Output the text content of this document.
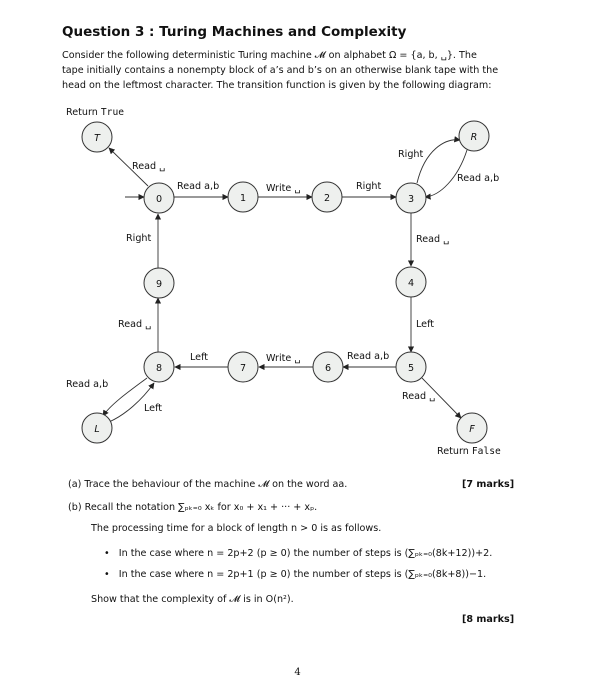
Question 3 : Turing Machines and Complexity
Consider the following deterministic Turing machine 𝓜 on alphabet Ω = {a, b, ␣}. The
tape initially contains a nonempty block of a’s and b’s on an otherwise blank tape with the
head on the leftmost character. The transition function is given by the following diagram:
T	R
L	F
0	1	2	3
4
5
6
7
8
9
Return True
Return False
Read ␣
Read a,b	Write ␣	Right
Right
Read a,b
Read ␣
Left
Read ␣
Read a,b
Write ␣
Left
Read ␣
Right
Read a,b
Left
(a) Trace the behaviour of the machine 𝓜 on the word aa.	[7 marks]
(b) Recall the notation ∑ₚₖ₌₀ xₖ for x₀ + x₁ + ··· + xₚ.
The processing time for a block of length n > 0 is as follows.
• In the case where n = 2p+2 (p ≥ 0) the number of steps is (∑ₚₖ₌₀(8k+12))+2.
• In the case where n = 2p+1 (p ≥ 0) the number of steps is (∑ₚₖ₌₀(8k+8))−1.
Show that the complexity of 𝓜 is in O(n²).
[8 marks]
4
